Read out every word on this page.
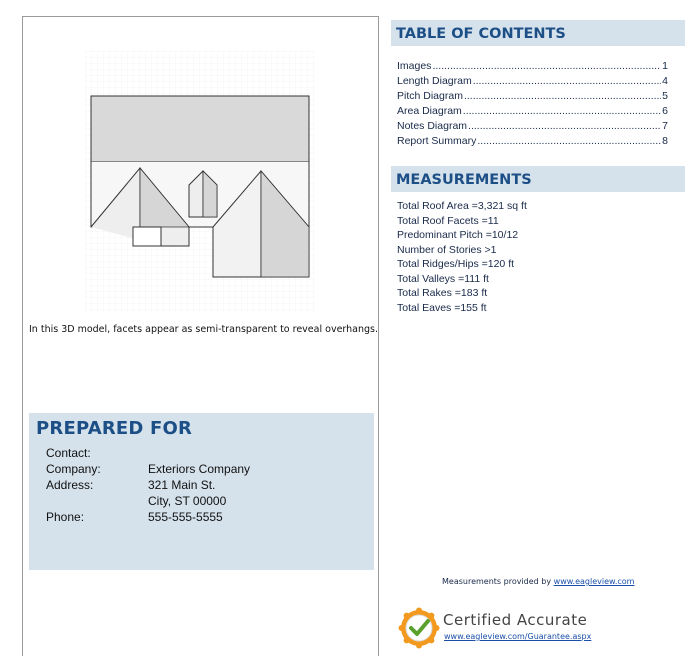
In this 3D model, facets appear as semi-transparent to reveal overhangs.
PREPARED FOR
Contact:
Company:	Exteriors Company
Address:	321 Main St.
City, ST 00000
Phone:	555-555-5555
TABLE OF CONTENTS
Images .....	1
Length Diagram .....	4
Pitch Diagram .....	5
Area Diagram .....	6
Notes Diagram .....	7
Report Summary .....	8
MEASUREMENTS
Total Roof Area =3,321 sq ft
Total Roof Facets =11
Predominant Pitch =10/12
Number of Stories >1
Total Ridges/Hips =120 ft
Total Valleys =111 ft
Total Rakes =183 ft
Total Eaves =155 ft
Measurements provided by www.eagleview.com
Certified Accurate
www.eagleview.com/Guarantee.aspx
